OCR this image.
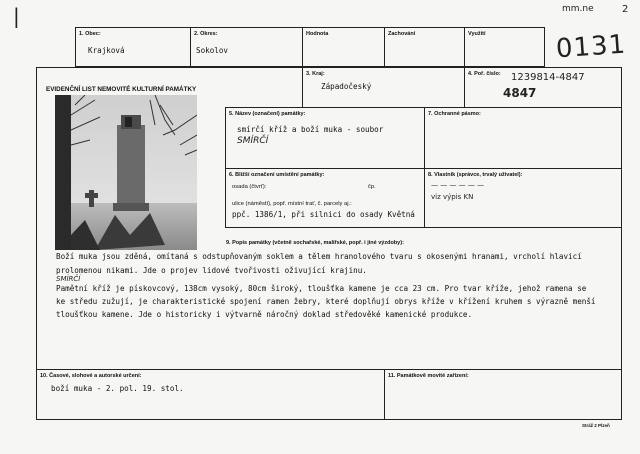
|	mm.ne	2
0131
1. Obec:
Krajková
2. Okres:
Sokolov
Hodnota	Zachování	Využití
EVIDENČNÍ LIST NEMOVITÉ KULTURNÍ PAMÁTKY
3. Kraj:
Západočeský
4. Poř. číslo: 1239814-4847
4847
5. Název (označení) památky:
smírčí kříž a boží muka - soubor
SMÍRČÍ
7. Ochranné pásmo:
6. Bližší označení umístění památky:
osada (čtvrť):	čp.
ulice (náměstí), popř. místní trať, č. parcely aj.:
ppč. 1386/1, při silnici do osady Květná
8. Vlastník (správce, trvalý uživatel):
— — — — — —
viz výpis KN
9. Popis památky (včetně sochařské, malířské, popř. i jiné výzdoby):
Boží muka jsou zděná, omítaná s odstupňovaným soklem a tělem hranolového tvaru s okosenými hranami, vrcholí hlavicí
prolomenou nikami. Jde o projev lidové tvořivosti oživující krajinu.
SMÍRČÍ
Pamětní kříž je pískovcový, 138cm vysoký, 80cm široký, tloušťka kamene je cca 23 cm. Pro tvar kříže, jehož ramena se
ke středu zužují, je charakteristické spojení ramen žebry, které doplňují obrys kříže v křížení kruhem s výrazně menší
tloušťkou kamene. Jde o historicky i výtvarně náročný doklad středověké kamenické produkce.
10. Časové, slohové a autorské určení:
boží muka - 2. pol. 19. stol.
11. Památkově movité zařízení:
Stráž 2 Plzeň
